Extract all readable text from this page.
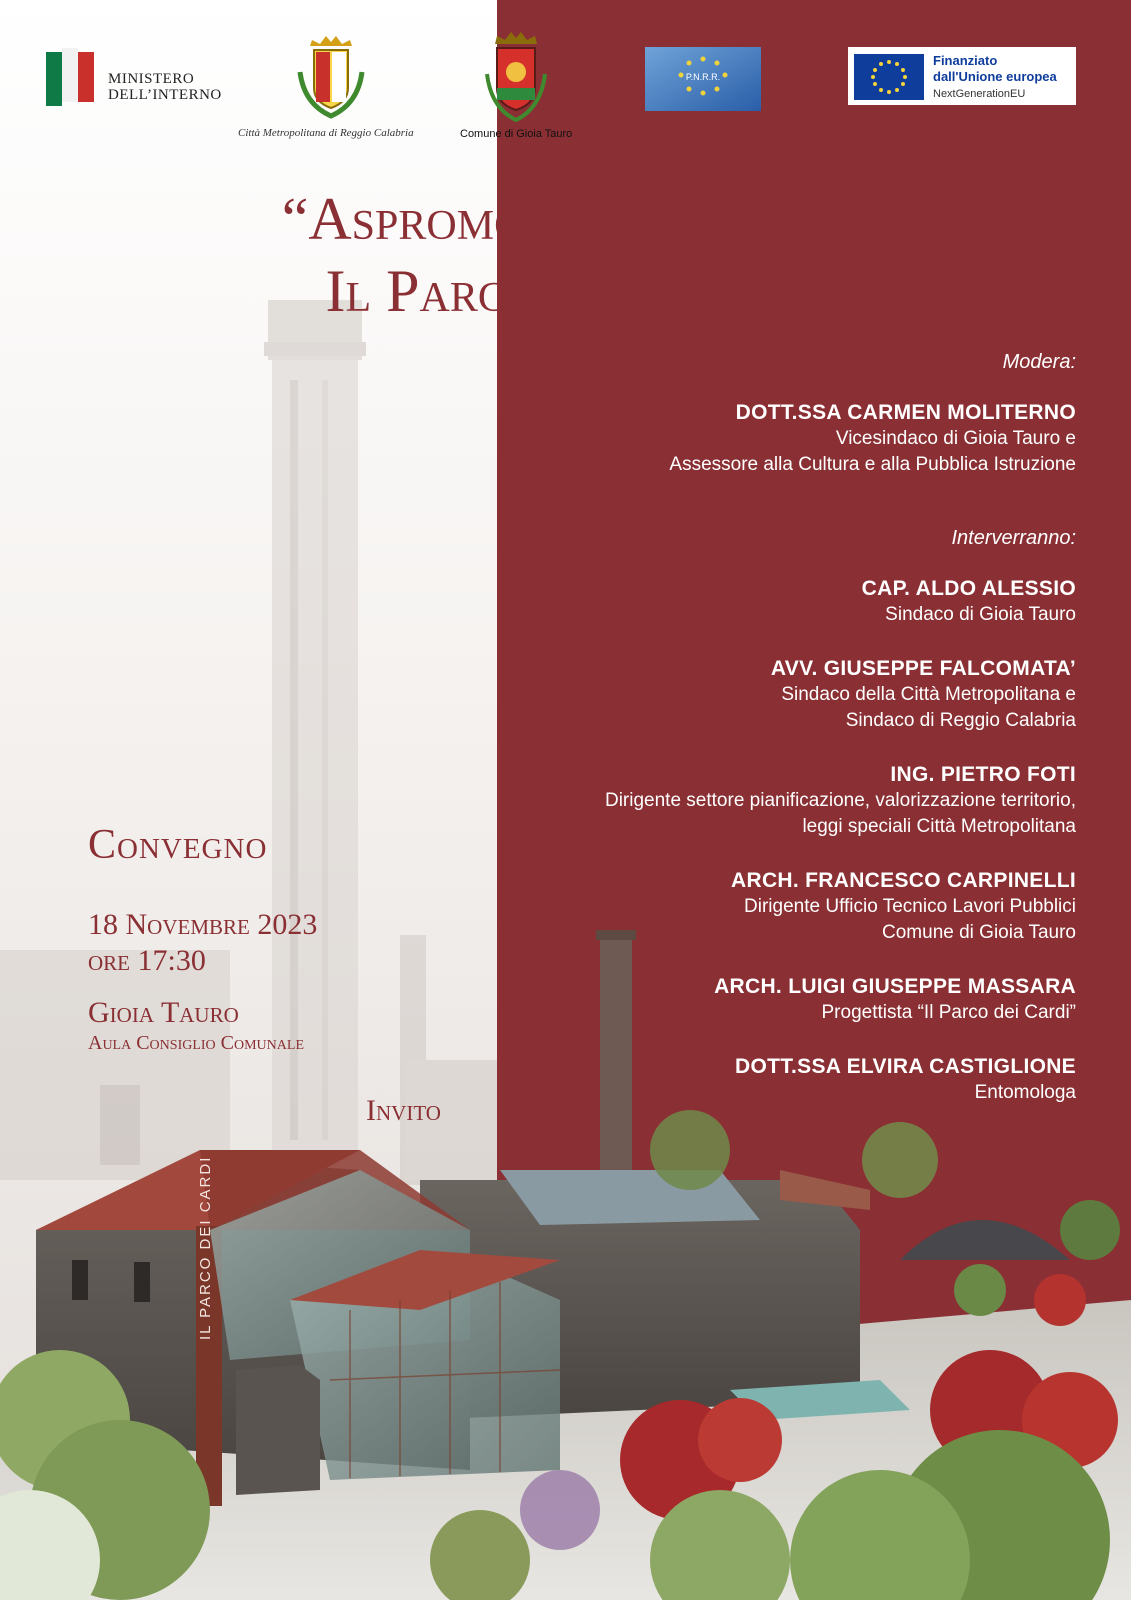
MINISTERO
DELL’INTERNO
Città Metropolitana di Reggio Calabria	Comune di Gioia Tauro
P.N.R.R.
Finanziato
dall'Unione europea
NextGenerationEU
“Aspromonte in Citta’:
Il Parco dei Cardi”
Modera:
DOTT.SSA CARMEN MOLITERNO
Vicesindaco di Gioia Tauro e
Assessore alla Cultura e alla Pubblica Istruzione
Interverranno:
CAP. ALDO ALESSIO
Sindaco di Gioia Tauro
AVV. GIUSEPPE FALCOMATA’
Sindaco della Città Metropolitana e
Sindaco di Reggio Calabria
ING. PIETRO FOTI
Dirigente settore pianificazione, valorizzazione territorio,
leggi speciali Città Metropolitana
ARCH. FRANCESCO CARPINELLI
Dirigente Ufficio Tecnico Lavori Pubblici
Comune di Gioia Tauro
ARCH. LUIGI GIUSEPPE MASSARA
Progettista “Il Parco dei Cardi”
DOTT.SSA ELVIRA CASTIGLIONE
Entomologa
Convegno
18 Novembre 2023
ore 17:30
Gioia Tauro
Aula Consiglio Comunale
Invito
IL PARCO DEI CARDI
